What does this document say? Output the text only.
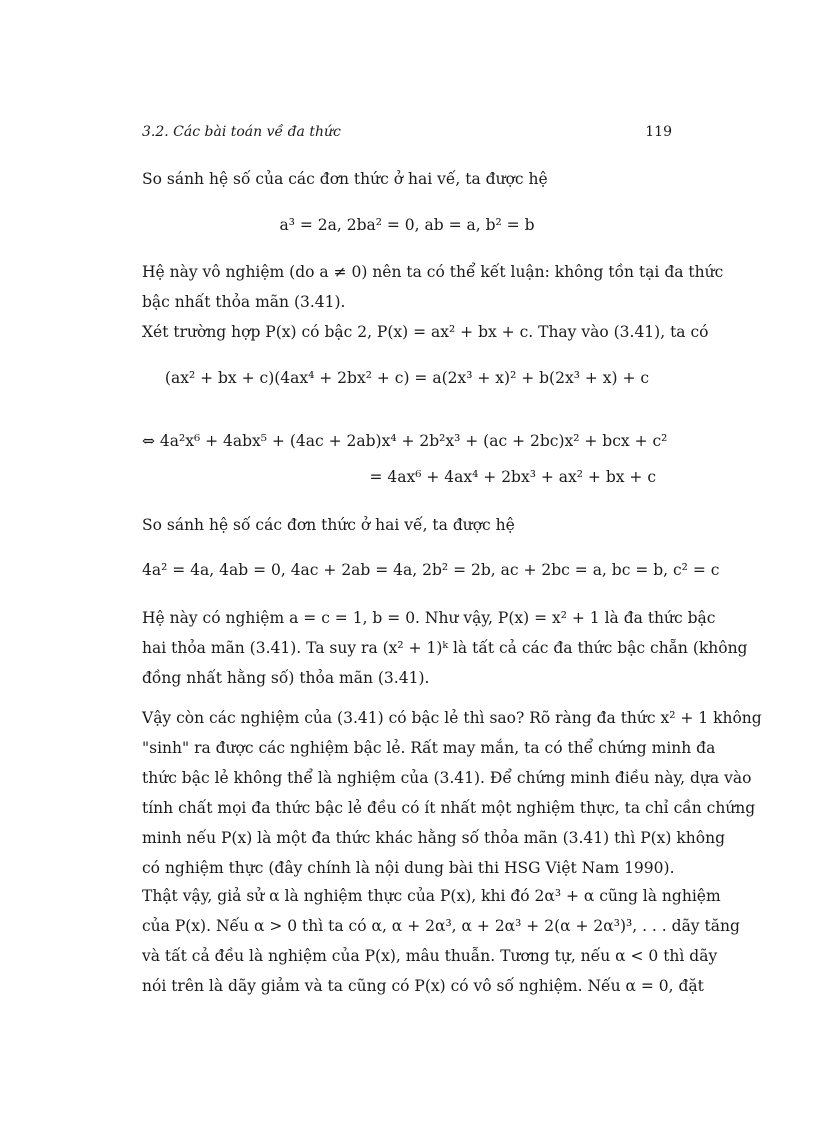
3.2. Các bài toán về đa thức	119
So sánh hệ số của các đơn thức ở hai vế, ta được hệ
a³ = 2a, 2ba² = 0, ab = a, b² = b
Hệ này vô nghiệm (do a ≠ 0) nên ta có thể kết luận: không tồn tại đa thức
bậc nhất thỏa mãn (3.41).
Xét trường hợp P(x) có bậc 2, P(x) = ax² + bx + c. Thay vào (3.41), ta có
(ax² + bx + c)(4ax⁴ + 2bx² + c) = a(2x³ + x)² + b(2x³ + x) + c
⇔ 4a²x⁶ + 4abx⁵ + (4ac + 2ab)x⁴ + 2b²x³ + (ac + 2bc)x² + bcx + c²
= 4ax⁶ + 4ax⁴ + 2bx³ + ax² + bx + c
So sánh hệ số các đơn thức ở hai vế, ta được hệ
4a² = 4a, 4ab = 0, 4ac + 2ab = 4a, 2b² = 2b, ac + 2bc = a, bc = b, c² = c
Hệ này có nghiệm a = c = 1, b = 0. Như vậy, P(x) = x² + 1 là đa thức bậc
hai thỏa mãn (3.41). Ta suy ra (x² + 1)ᵏ là tất cả các đa thức bậc chẵn (không
đồng nhất hằng số) thỏa mãn (3.41).
Vậy còn các nghiệm của (3.41) có bậc lẻ thì sao? Rõ ràng đa thức x² + 1 không
"sinh" ra được các nghiệm bậc lẻ. Rất may mắn, ta có thể chứng minh đa
thức bậc lẻ không thể là nghiệm của (3.41). Để chứng minh điều này, dựa vào
tính chất mọi đa thức bậc lẻ đều có ít nhất một nghiệm thực, ta chỉ cần chứng
minh nếu P(x) là một đa thức khác hằng số thỏa mãn (3.41) thì P(x) không
có nghiệm thực (đây chính là nội dung bài thi HSG Việt Nam 1990).
Thật vậy, giả sử α là nghiệm thực của P(x), khi đó 2α³ + α cũng là nghiệm
của P(x). Nếu α > 0 thì ta có α, α + 2α³, α + 2α³ + 2(α + 2α³)³, . . . dãy tăng
và tất cả đều là nghiệm của P(x), mâu thuẫn. Tương tự, nếu α < 0 thì dãy
nói trên là dãy giảm và ta cũng có P(x) có vô số nghiệm. Nếu α = 0, đặt
